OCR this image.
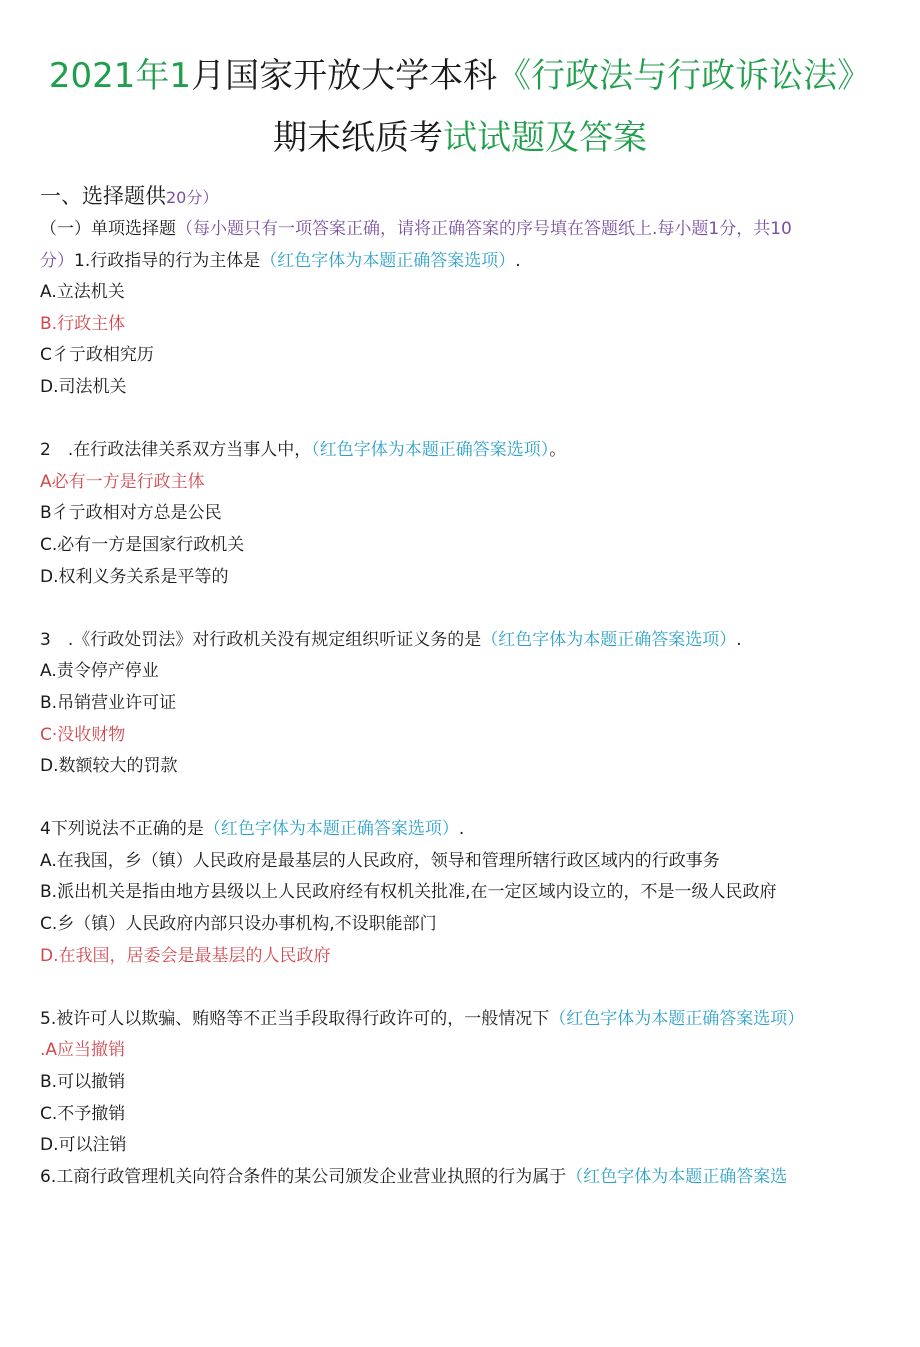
2021年1月国家开放大学本科《行政法与行政诉讼法》
期末纸质考试试题及答案
一、选择题供20分）
（一）单项选择题（每小题只有一项答案正确，请将正确答案的序号填在答题纸上.每小题1分，共10
分）1.行政指导的行为主体是（红色字体为本题正确答案选项）.
A.立法机关
B.行政主体
C彳亍政相究历
D.司法机关
2　.在行政法律关系双方当事人中，（红色字体为本题正确答案选项）。
A必有一方是行政主体
B彳亍政相对方总是公民
C.必有一方是国家行政机关
D.权利义务关系是平等的
3　.《行政处罚法》对行政机关没有规定组织听证义务的是（红色字体为本题正确答案选项）.
A.责令停产停业
B.吊销营业许可证
C·没收财物
D.数额较大的罚款
4下列说法不正确的是（红色字体为本题正确答案选项）.
A.在我国，乡（镇）人民政府是最基层的人民政府，领导和管理所辖行政区域内的行政事务
B.派出机关是指由地方县级以上人民政府经有权机关批准,在一定区域内设立的，不是一级人民政府
C.乡（镇）人民政府内部只设办事机构,不设职能部门
D.在我国，居委会是最基层的人民政府
5.被许可人以欺骗、贿赂等不正当手段取得行政许可的，一般情况下（红色字体为本题正确答案选项）
.A应当撤销
B.可以撤销
C.不予撤销
D.可以注销
6.工商行政管理机关向符合条件的某公司颁发企业营业执照的行为属于（红色字体为本题正确答案选
